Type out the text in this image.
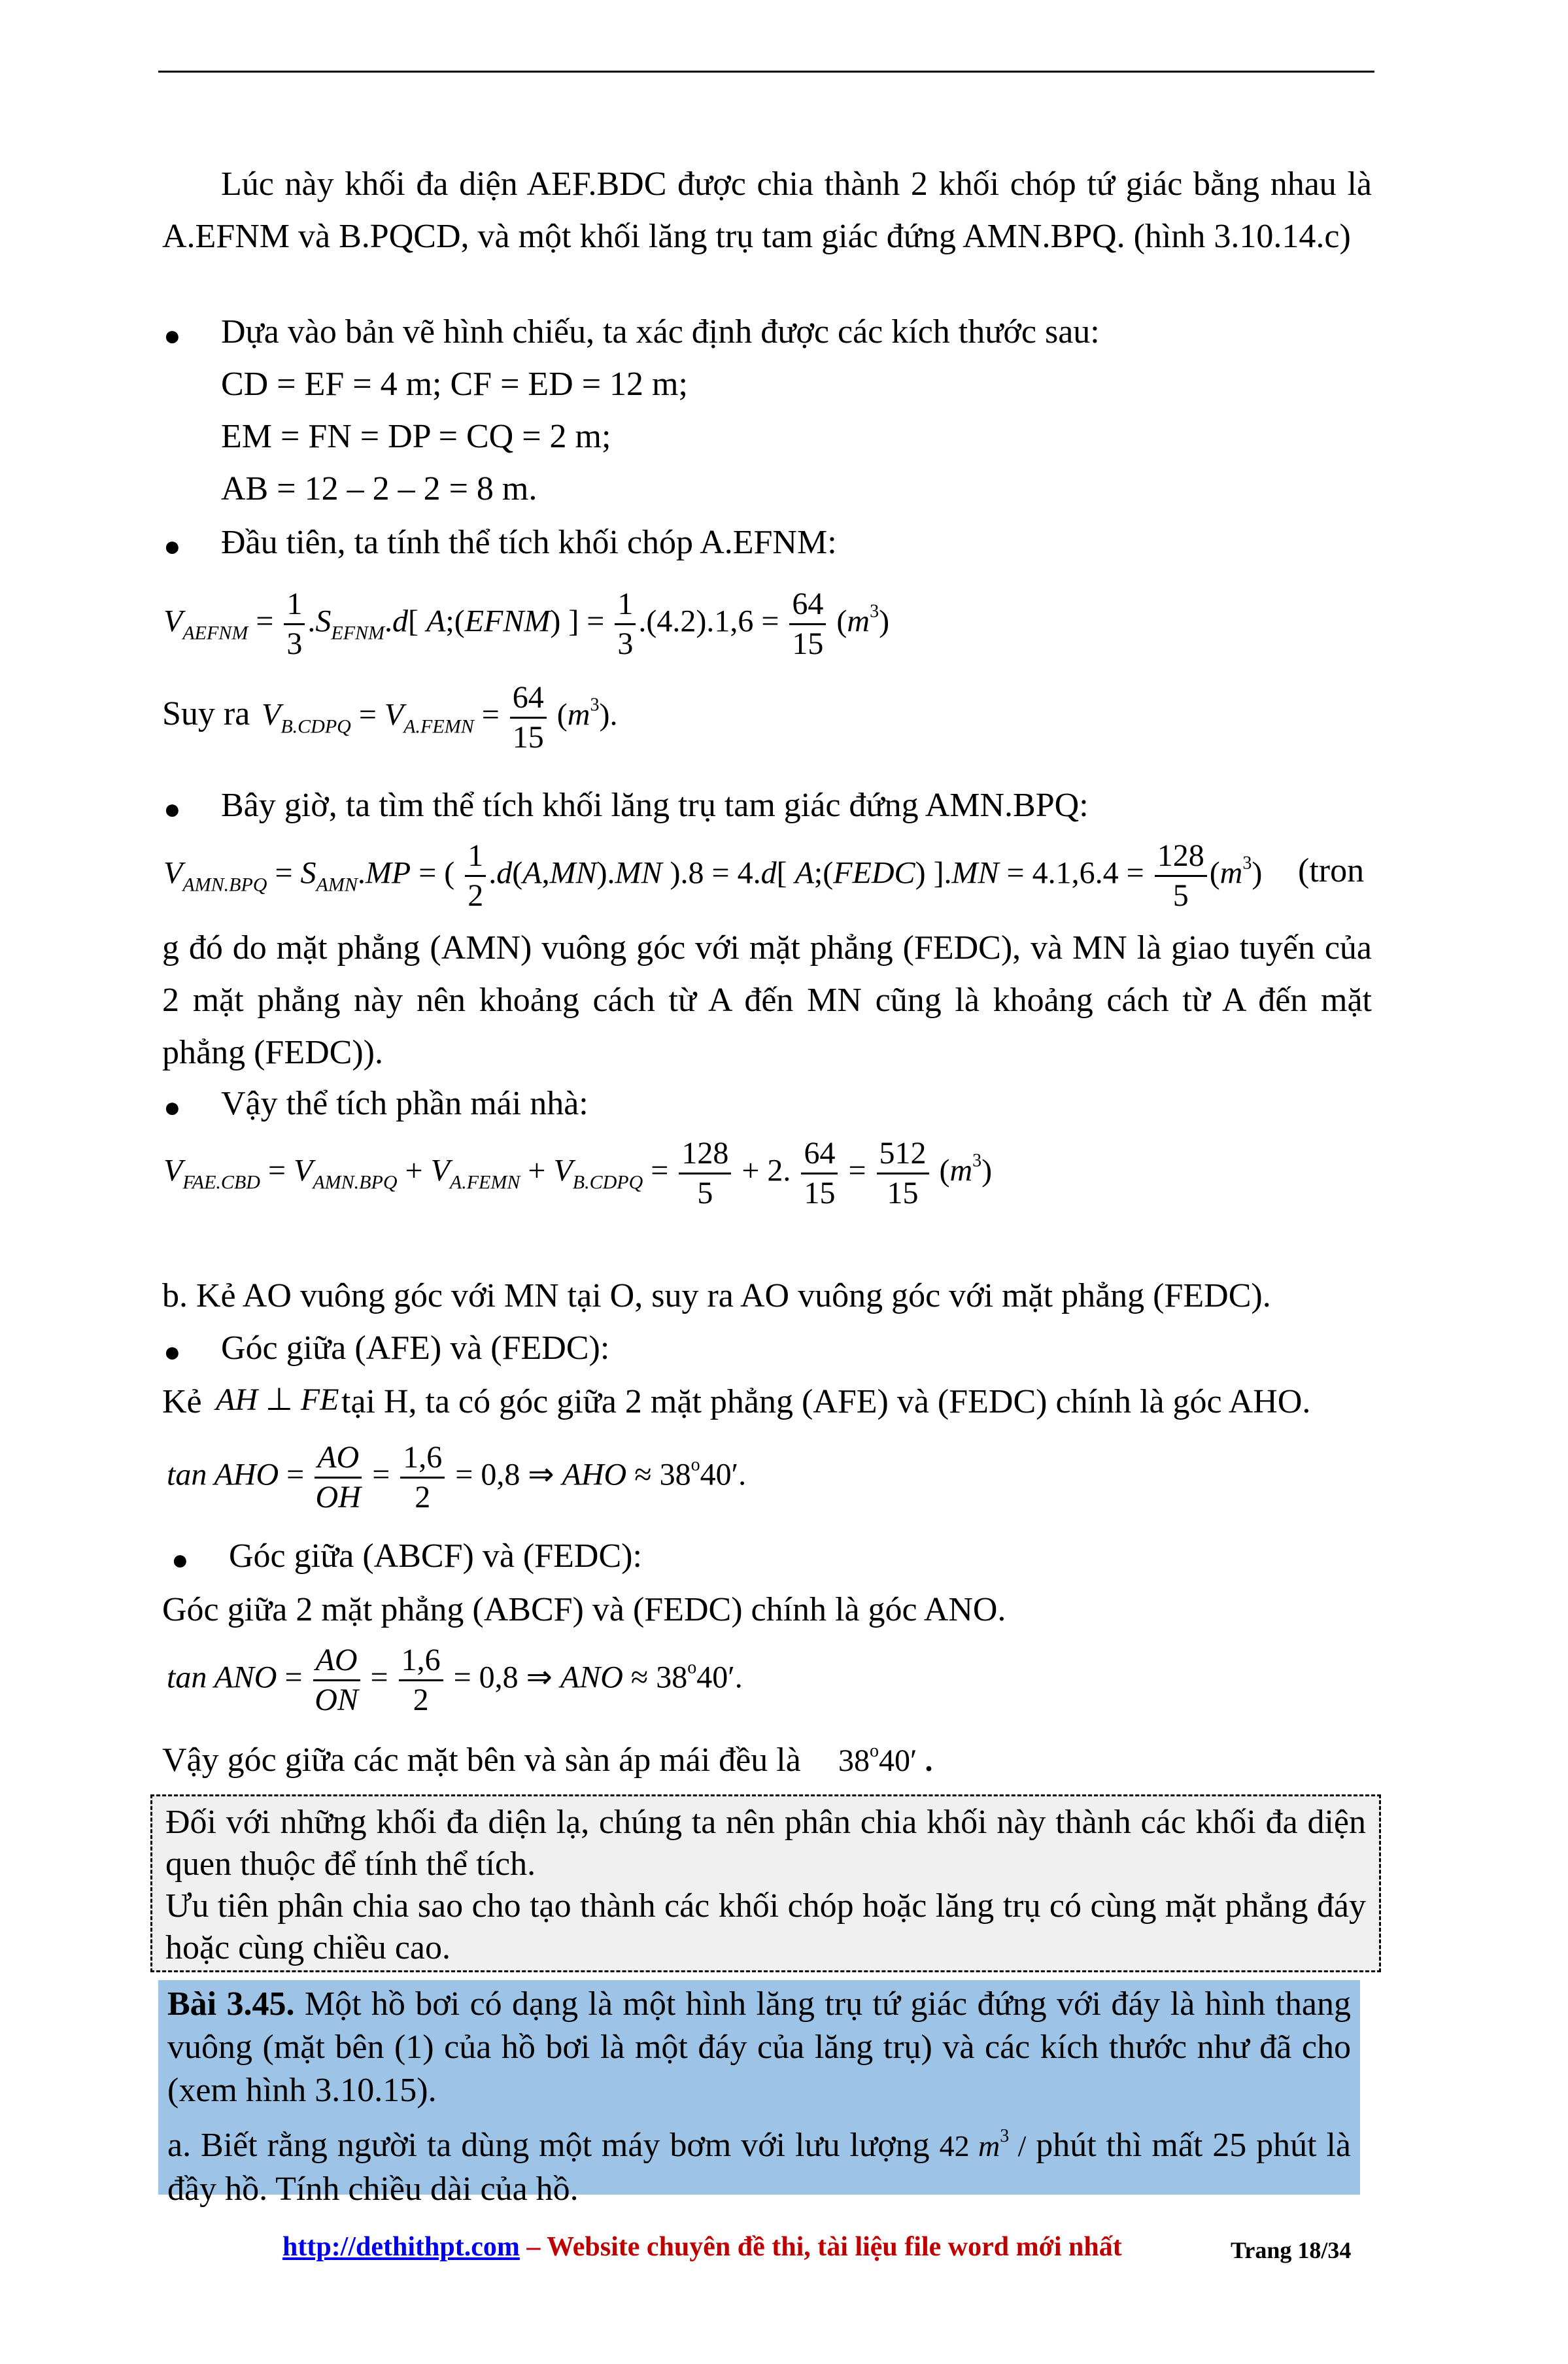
Lúc này khối đa diện AEF.BDC được chia thành 2 khối chóp tứ giác bằng nhau là A.EFNM và B.PQCD, và một khối lăng trụ tam giác đứng AMN.BPQ. (hình 3.10.14.c)
● Dựa vào bản vẽ hình chiếu, ta xác định được các kích thước sau:
CD = EF = 4 m; CF = ED = 12 m;
EM = FN = DP = CQ = 2 m;
AB = 12 – 2 – 2 = 8 m.
● Đầu tiên, ta tính thể tích khối chóp A.EFNM:
$V_{AEFNM} = \frac{1}{3} .S_{EFNM}.d$[ A;(EFNM) ] = $\frac{1}{3} .(4.2).1,6 = \frac{64}{15} (m^3)$
Suy ra $V_{B.CDPQ} = V_{A.FEMN} = \frac{64}{15} (m^3)$.
● Bây giờ, ta tìm thể tích khối lăng trụ tam giác đứng AMN.BPQ:
$V_{AMN.BPQ} = S_{AMN}.MP$ = ( $\frac{1}{2} .d(A,MN).MN$ ).8 = 4.d[ A;(FEDC) ]$.MN = 4.1,6.4 = \frac{128}{5} (m^3)$ (tron
g đó do mặt phẳng (AMN) vuông góc với mặt phẳng (FEDC), và MN là giao tuyến của 2 mặt phẳng này nên khoảng cách từ A đến MN cũng là khoảng cách từ A đến mặt phẳng (FEDC)).
● Vậy thể tích phần mái nhà:
$V_{FAE.CBD} = V_{AMN.BPQ} + V_{A.FEMN} + V_{B.CDPQ} = \frac{128}{5} + 2$. $\frac{64}{15} = \frac{512}{15} (m^3)$
b. Kẻ AO vuông góc với MN tại O, suy ra AO vuông góc với mặt phẳng (FEDC).
● Góc giữa (AFE) và (FEDC):
Kẻ AH ⊥ FE tại H, ta có góc giữa 2 mặt phẳng (AFE) và (FEDC) chính là góc AHO.
tan AHO = $\frac{AO}{OH} = \frac{1,6}{2} = 0,8$ ⇒ AHO ≈ $38^o40'$.
● Góc giữa (ABCF) và (FEDC):
Góc giữa 2 mặt phẳng (ABCF) và (FEDC) chính là góc ANO.
tan ANO = $\frac{AO}{ON} = \frac{1,6}{2} = 0,8$ ⇒ ANO ≈ $38^o40'$.
Vậy góc giữa các mặt bên và sàn áp mái đều là 38$^o$40′ .
Đối với những khối đa diện lạ, chúng ta nên phân chia khối này thành các khối đa diện quen thuộc để tính thể tích.
Ưu tiên phân chia sao cho tạo thành các khối chóp hoặc lăng trụ có cùng mặt phẳng đáy hoặc cùng chiều cao.
Bài 3.45. Một hồ bơi có dạng là một hình lăng trụ tứ giác đứng với đáy là hình thang vuông (mặt bên (1) của hồ bơi là một đáy của lăng trụ) và các kích thước như đã cho (xem hình 3.10.15).
a. Biết rằng người ta dùng một máy bơm với lưu lượng 42 $m^3$ / phút thì mất 25 phút là đầy hồ. Tính chiều dài của hồ.
http://dethithpt.com – Website chuyên đề thi, tài liệu file word mới nhất	Trang 18/34
